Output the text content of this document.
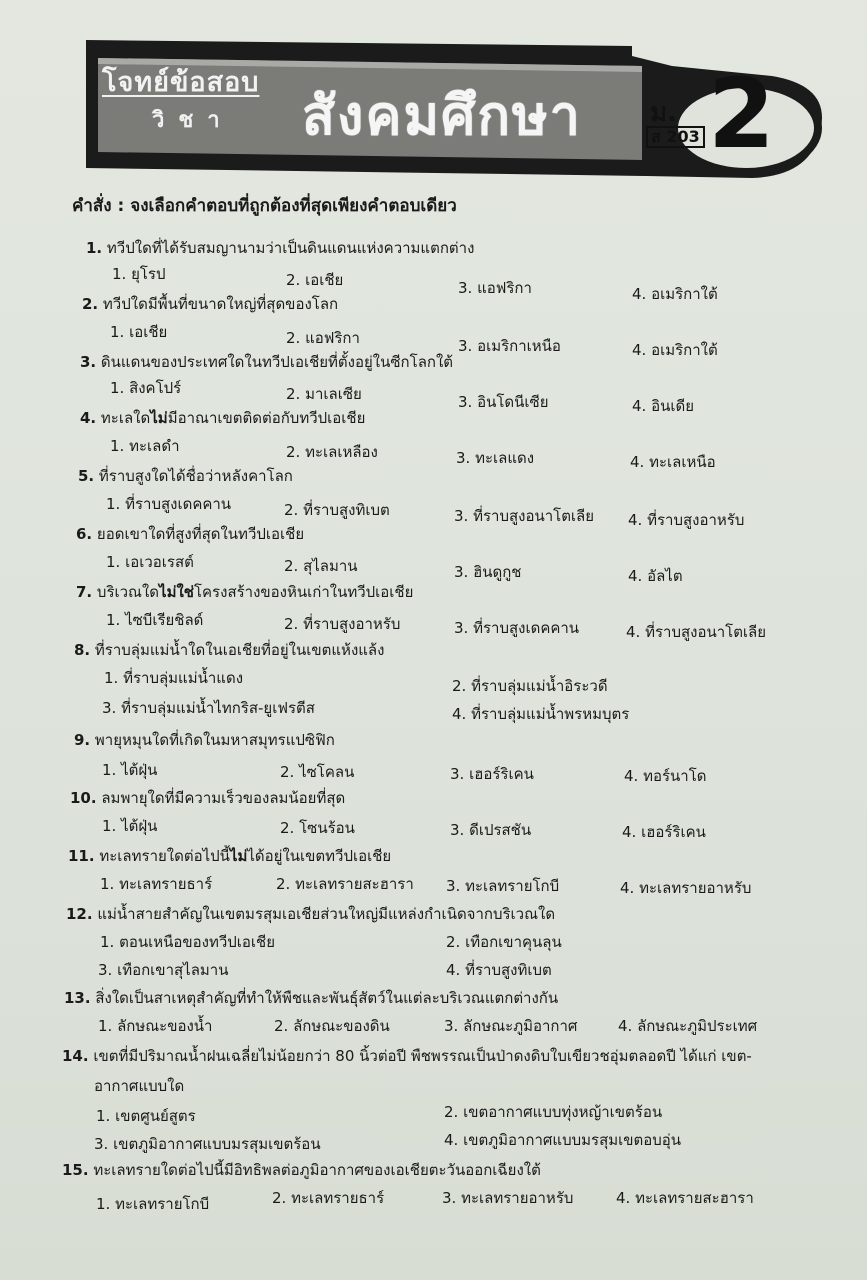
โจทย์ข้อสอบ
วิชา สังคมศึกษา	ม.
ส 203 2
คำสั่ง : จงเลือกคำตอบที่ถูกต้องที่สุดเพียงคำตอบเดียว
1. ทวีปใดที่ได้รับสมญานามว่าเป็นดินแดนแห่งความแตกต่าง
1. ยุโรป	2. เอเชีย	3. แอฟริกา	4. อเมริกาใต้
2. ทวีปใดมีพื้นที่ขนาดใหญ่ที่สุดของโลก
1. เอเชีย	2. แอฟริกา	3. อเมริกาเหนือ	4. อเมริกาใต้
3. ดินแดนของประเทศใดในทวีปเอเชียที่ตั้งอยู่ในซีกโลกใต้
1. สิงคโปร์	2. มาเลเซีย	3. อินโดนีเซีย	4. อินเดีย
4. ทะเลใดไม่มีอาณาเขตติดต่อกับทวีปเอเชีย
1. ทะเลดำ	2. ทะเลเหลือง	3. ทะเลแดง	4. ทะเลเหนือ
5. ที่ราบสูงใดได้ชื่อว่าหลังคาโลก
1. ที่ราบสูงเดคคาน	2. ที่ราบสูงทิเบต	3. ที่ราบสูงอนาโตเลีย 4. ที่ราบสูงอาหรับ
6. ยอดเขาใดที่สูงที่สุดในทวีปเอเชีย
1. เอเวอเรสต์	2. สุไลมาน	3. ฮินดูกูช	4. อัลไต
7. บริเวณใดไม่ใช่โครงสร้างของหินเก่าในทวีปเอเชีย
1. ไซบีเรียชิลด์	2. ที่ราบสูงอาหรับ	3. ที่ราบสูงเดคคาน	4. ที่ราบสูงอนาโตเลีย
8. ที่ราบลุ่มแม่น้ำใดในเอเชียที่อยู่ในเขตแห้งแล้ง
1. ที่ราบลุ่มแม่น้ำแดง	2. ที่ราบลุ่มแม่น้ำอิระวดี
3. ที่ราบลุ่มแม่น้ำไทกริส-ยูเฟรตีส	4. ที่ราบลุ่มแม่น้ำพรหมบุตร
9. พายุหมุนใดที่เกิดในมหาสมุทรแปซิฟิก
1. ไต้ฝุ่น	2. ไซโคลน	3. เฮอร์ริเคน	4. ทอร์นาโด
10. ลมพายุใดที่มีความเร็วของลมน้อยที่สุด
1. ไต้ฝุ่น	2. โซนร้อน	3. ดีเปรสชัน	4. เฮอร์ริเคน
11. ทะเลทรายใดต่อไปนี้ไม่ได้อยู่ในเขตทวีปเอเชีย
1. ทะเลทรายธาร์	2. ทะเลทรายสะฮารา 3. ทะเลทรายโกบี	4. ทะเลทรายอาหรับ
12. แม่น้ำสายสำคัญในเขตมรสุมเอเชียส่วนใหญ่มีแหล่งกำเนิดจากบริเวณใด
1. ตอนเหนือของทวีปเอเชีย	2. เทือกเขาคุนลุน
3. เทือกเขาสุไลมาน	4. ที่ราบสูงทิเบต
13. สิ่งใดเป็นสาเหตุสำคัญที่ทำให้พืชและพันธุ์สัตว์ในแต่ละบริเวณแตกต่างกัน
1. ลักษณะของน้ำ	2. ลักษณะของดิน	3. ลักษณะภูมิอากาศ	4. ลักษณะภูมิประเทศ
14. เขตที่มีปริมาณน้ำฝนเฉลี่ยไม่น้อยกว่า 80 นิ้วต่อปี พืชพรรณเป็นป่าดงดิบใบเขียวชอุ่มตลอดปี ได้แก่ เขต-
อากาศแบบใด
1. เขตศูนย์สูตร	2. เขตอากาศแบบทุ่งหญ้าเขตร้อน
3. เขตภูมิอากาศแบบมรสุมเขตร้อน	4. เขตภูมิอากาศแบบมรสุมเขตอบอุ่น
15. ทะเลทรายใดต่อไปนี้มีอิทธิพลต่อภูมิอากาศของเอเชียตะวันออกเฉียงใต้
1. ทะเลทรายโกบี	2. ทะเลทรายธาร์	3. ทะเลทรายอาหรับ	4. ทะเลทรายสะฮารา
